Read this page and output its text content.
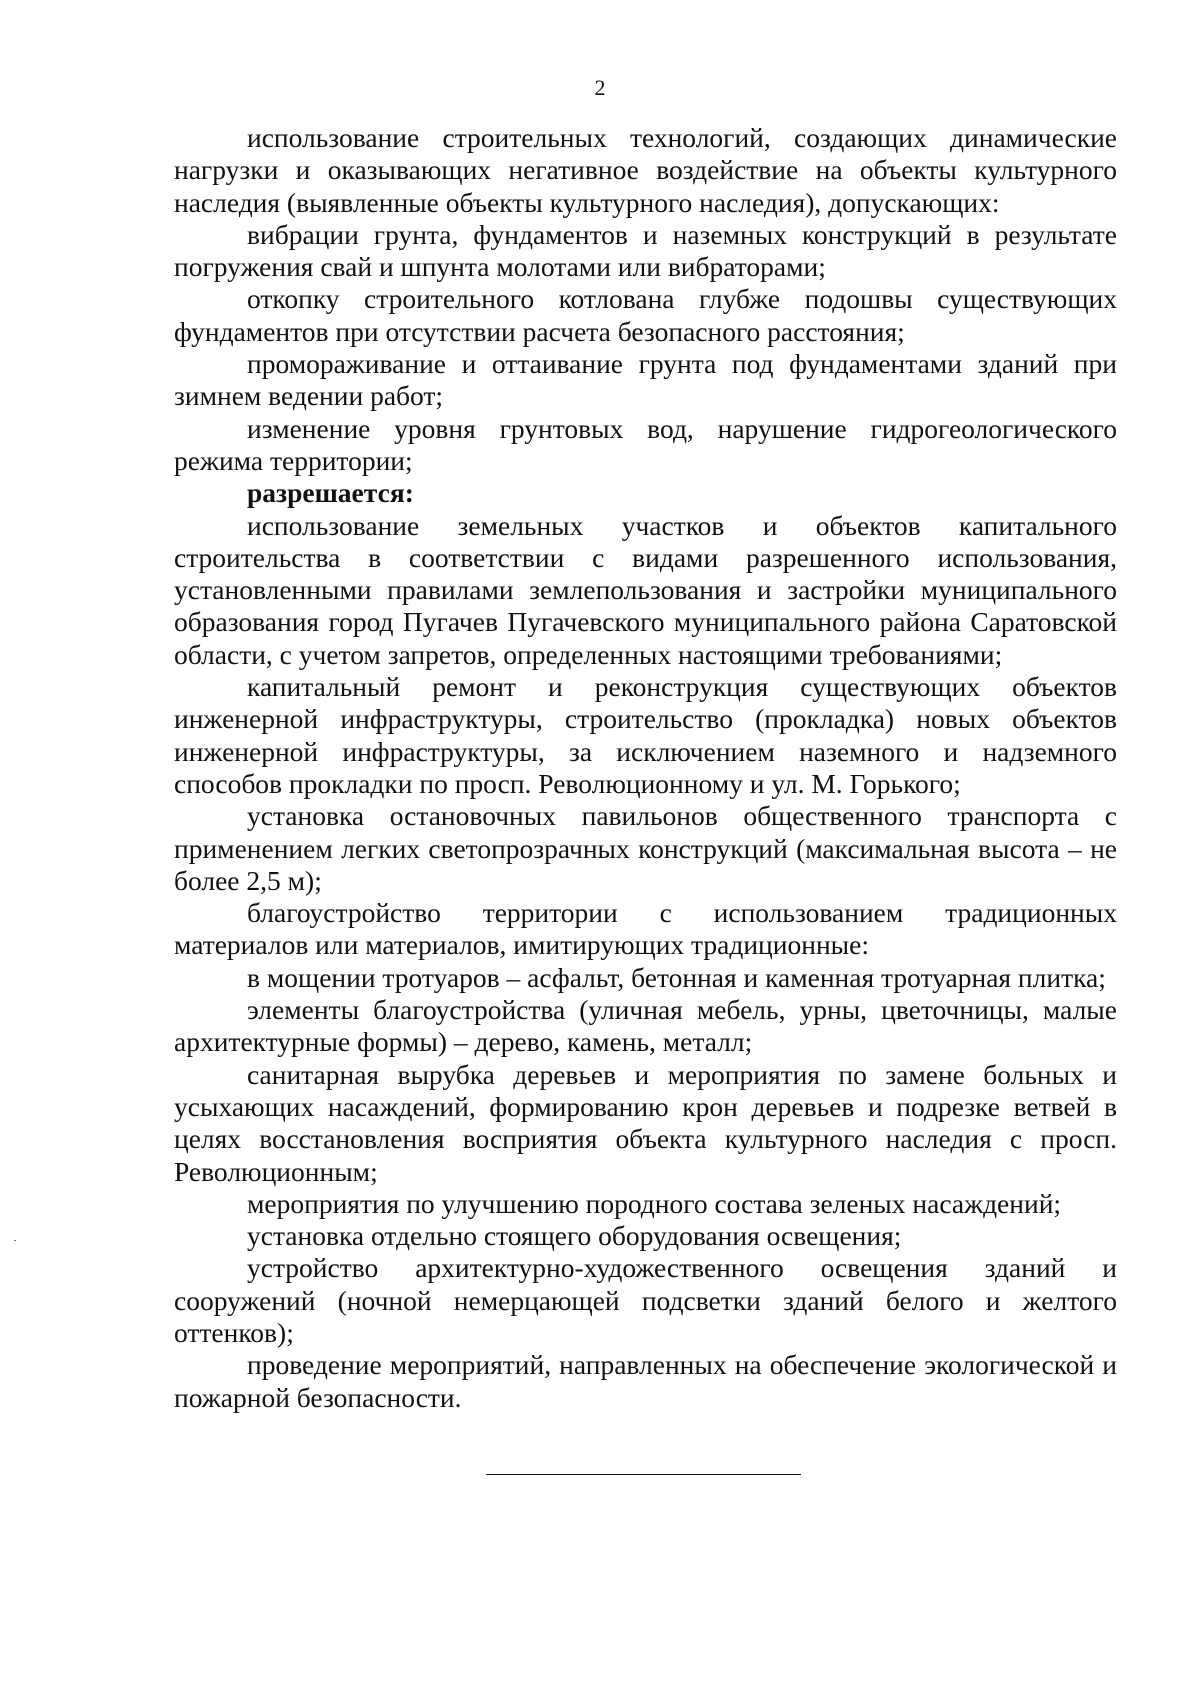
2

использование строительных технологий, создающих динамические нагрузки и оказывающих негативное воздействие на объекты культурного наследия (выявленные объекты культурного наследия), допускающих:

вибрации грунта, фундаментов и наземных конструкций в результате погружения свай и шпунта молотами или вибраторами;

откопку строительного котлована глубже подошвы существующих фундаментов при отсутствии расчета безопасного расстояния;

промораживание и оттаивание грунта под фундаментами зданий при зимнем ведении работ;

изменение уровня грунтовых вод, нарушение гидрогеологического режима территории;

разрешается:

использование земельных участков и объектов капитального строительства в соответствии с видами разрешенного использования, установленными правилами землепользования и застройки муниципального образования город Пугачев Пугачевского муниципального района Саратовской области, с учетом запретов, определенных настоящими требованиями;

капитальный ремонт и реконструкция существующих объектов инженерной инфраструктуры, строительство (прокладка) новых объектов инженерной инфраструктуры, за исключением наземного и надземного способов прокладки по просп. Революционному и ул. М. Горького;

установка остановочных павильонов общественного транспорта с применением легких светопрозрачных конструкций (максимальная высота – не более 2,5 м);

благоустройство территории с использованием традиционных материалов или материалов, имитирующих традиционные:

в мощении тротуаров – асфальт, бетонная и каменная тротуарная плитка;

элементы благоустройства (уличная мебель, урны, цветочницы, малые архитектурные формы) – дерево, камень, металл;

санитарная вырубка деревьев и мероприятия по замене больных и усыхающих насаждений, формированию крон деревьев и подрезке ветвей в целях восстановления восприятия объекта культурного наследия с просп. Революционным;

мероприятия по улучшению породного состава зеленых насаждений;

установка отдельно стоящего оборудования освещения;

устройство архитектурно-художественного освещения зданий и сооружений (ночной немерцающей подсветки зданий белого и желтого оттенков);

проведение мероприятий, направленных на обеспечение экологической и пожарной безопасности.
